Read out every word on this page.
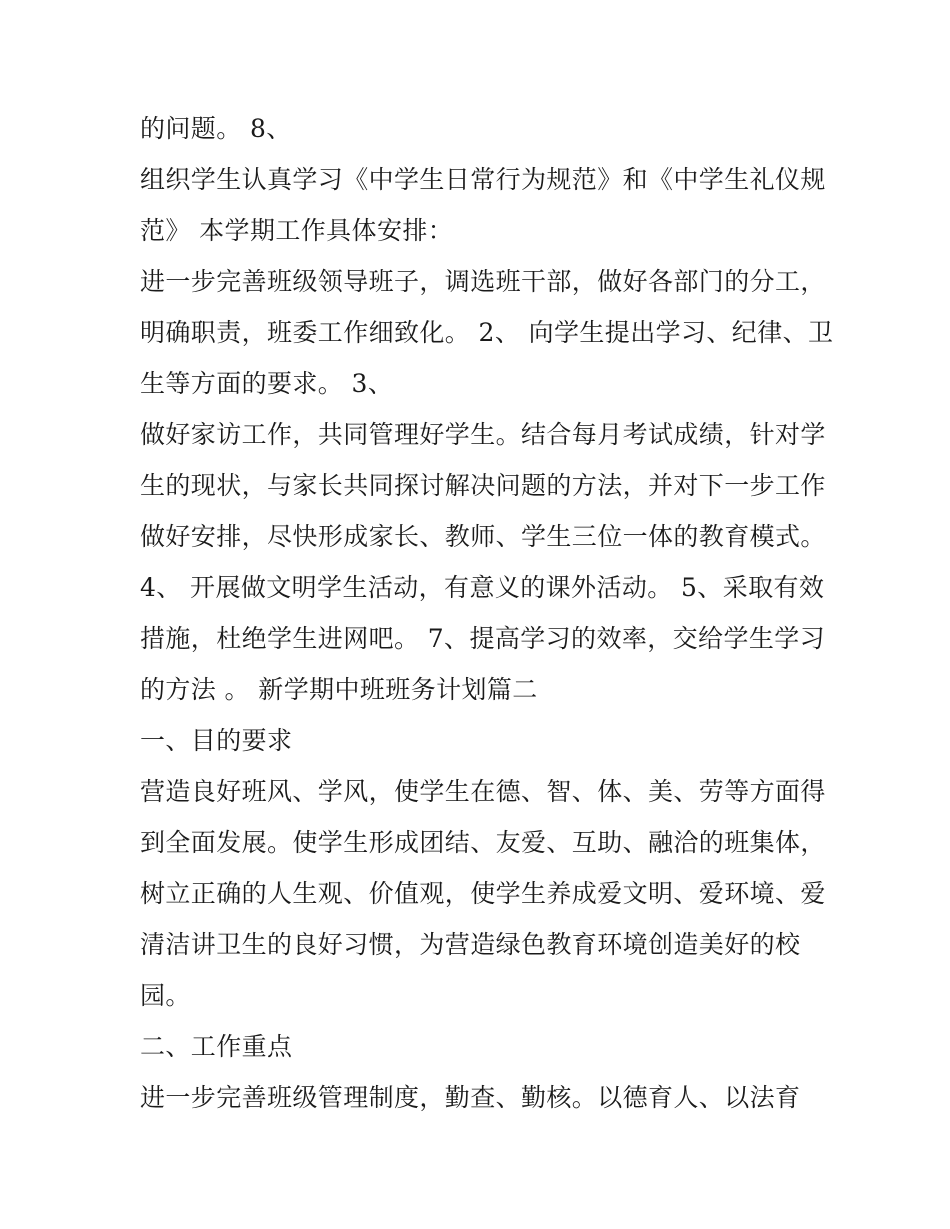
的问题。 8、
组织学生认真学习《中学生日常行为规范》和《中学生礼仪规
范》 本学期工作具体安排：
进一步完善班级领导班子，调选班干部，做好各部门的分工，
明确职责，班委工作细致化。 2、 向学生提出学习、纪律、卫
生等方面的要求。 3、
做好家访工作，共同管理好学生。结合每月考试成绩，针对学
生的现状，与家长共同探讨解决问题的方法，并对下一步工作
做好安排，尽快形成家长、教师、学生三位一体的教育模式。
4、 开展做文明学生活动，有意义的课外活动。 5、采取有效
措施，杜绝学生进网吧。 7、提高学习的效率，交给学生学习
的方法 。 新学期中班班务计划篇二
一、目的要求
营造良好班风、学风，使学生在德、智、体、美、劳等方面得
到全面发展。使学生形成团结、友爱、互助、融洽的班集体，
树立正确的人生观、价值观，使学生养成爱文明、爱环境、爱
清洁讲卫生的良好习惯，为营造绿色教育环境创造美好的校
园。
二、工作重点
进一步完善班级管理制度，勤查、勤核。以德育人、以法育
